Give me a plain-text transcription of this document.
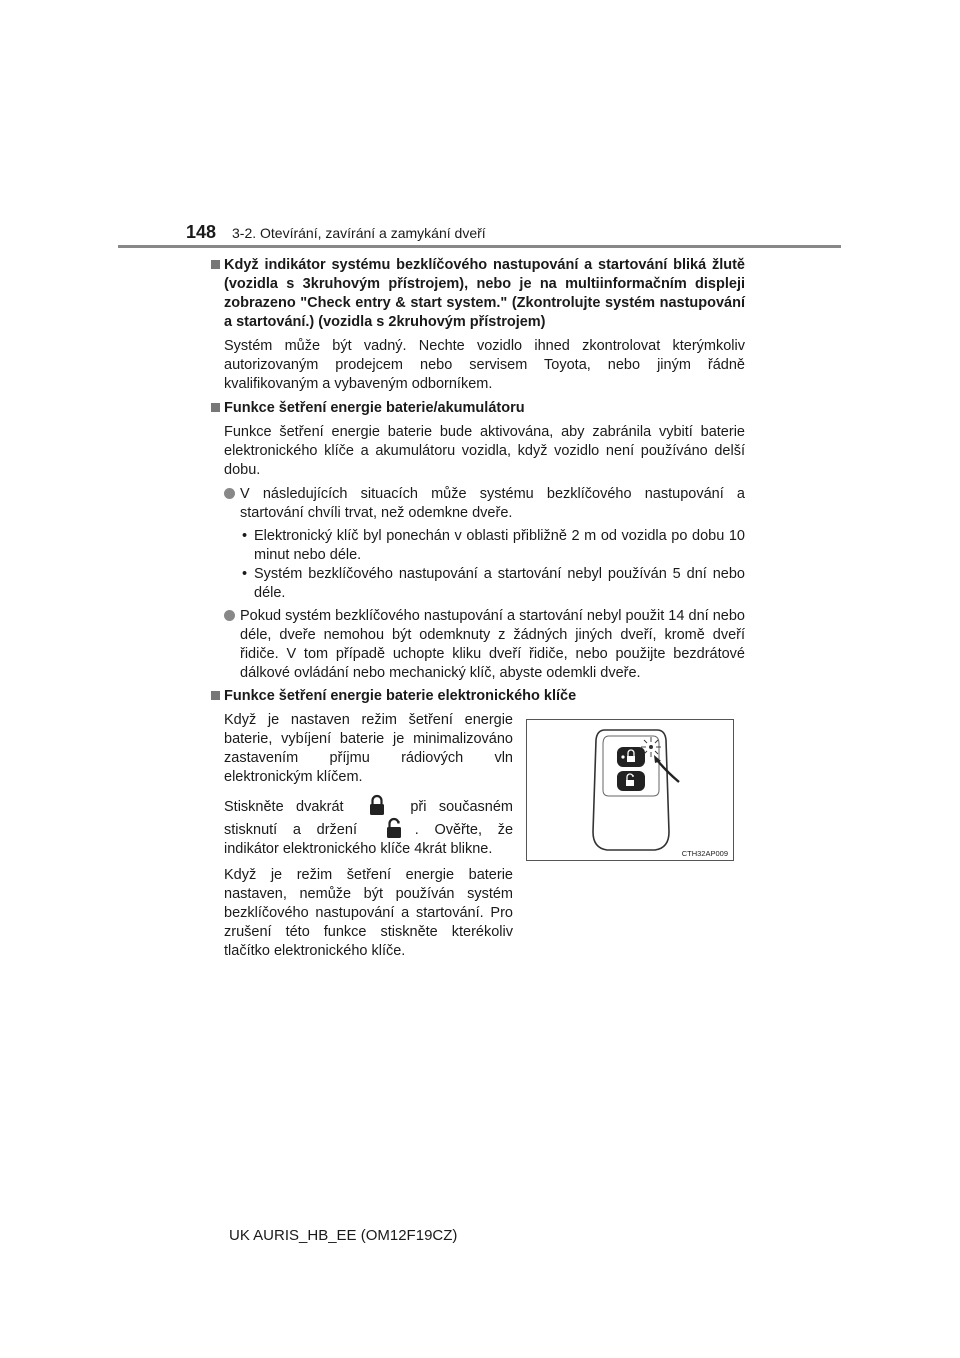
148 3-2. Otevírání, zavírání a zamykání dveří
Když indikátor systému bezklíčového nastupování a startování bliká žlutě (vozidla s 3kruhovým přístrojem), nebo je na multiinformačním displeji zobrazeno "Check entry & start system." (Zkontrolujte systém nastupování a startování.) (vozidla s 2kruhovým přístrojem)
Systém může být vadný. Nechte vozidlo ihned zkontrolovat kterýmkoliv autorizovaným prodejcem nebo servisem Toyota, nebo jiným řádně kvalifikovaným a vybaveným odborníkem.
Funkce šetření energie baterie/akumulátoru
Funkce šetření energie baterie bude aktivována, aby zabránila vybití baterie elektronického klíče a akumulátoru vozidla, když vozidlo není používáno delší dobu.
V následujících situacích může systému bezklíčového nastupování a startování chvíli trvat, než odemkne dveře.
• Elektronický klíč byl ponechán v oblasti přibližně 2 m od vozidla po dobu 10 minut nebo déle.
• Systém bezklíčového nastupování a startování nebyl používán 5 dní nebo déle.
Pokud systém bezklíčového nastupování a startování nebyl použit 14 dní nebo déle, dveře nemohou být odemknuty z žádných jiných dveří, kromě dveří řidiče. V tom případě uchopte kliku dveří řidiče, nebo použijte bezdrátové dálkové ovládání nebo mechanický klíč, abyste odemkli dveře.
Funkce šetření energie baterie elektronického klíče

Když je nastaven režim šetření energie baterie, vybíjení baterie je minimalizováno zastavením příjmu rádiových vln elektronickým klíčem.

Stiskněte dvakrát	při současném stisknutí a držení	. Ověřte, že indikátor elektronického klíče 4krát blikne.

Když je režim šetření energie baterie nastaven, nemůže být používán systém bezklíčového nastupování a startování. Pro zrušení této funkce stiskněte kterékoliv tlačítko elektronického klíče.

CTH32AP009
UK AURIS_HB_EE (OM12F19CZ)
